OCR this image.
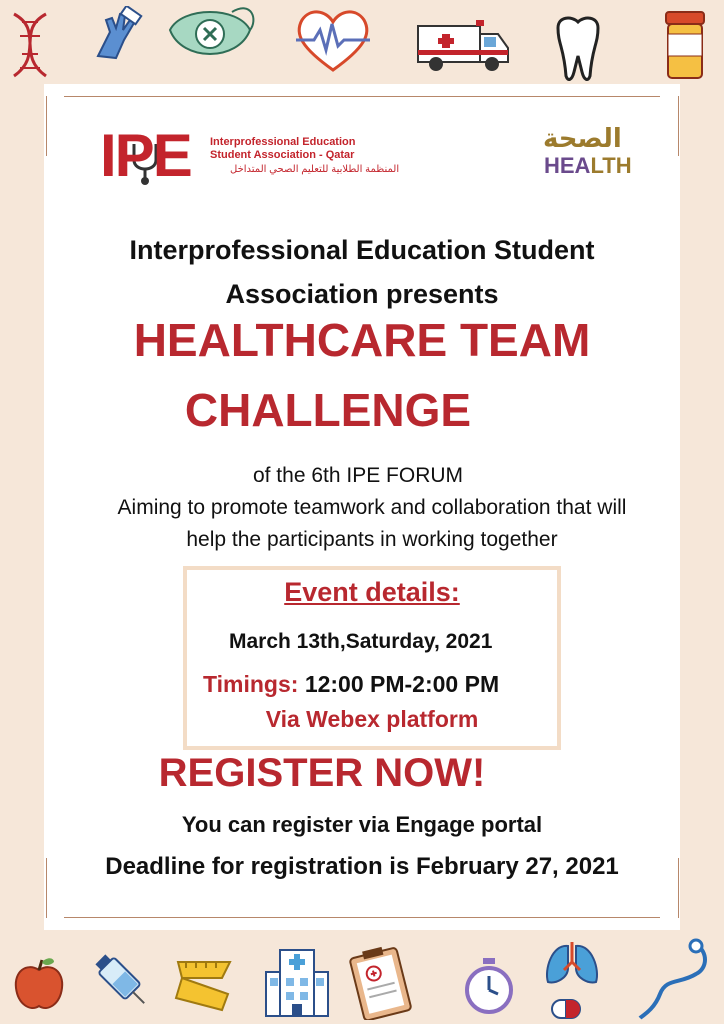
IPE Interprofessional Education
Student Association - Qatar
المنظمة الطلابية للتعليم الصحي المتداخل
الصحة
HEALTH
Interprofessional Education Student
Association presents
HEALTHCARE TEAM
CHALLENGE
of the 6th IPE FORUM
Aiming to promote teamwork and collaboration that will
help the participants in working together
Event details:
March 13th,Saturday, 2021
Timings: 12:00 PM-2:00 PM
Via Webex platform
REGISTER NOW!
You can register via Engage portal
Deadline for registration is February 27, 2021
